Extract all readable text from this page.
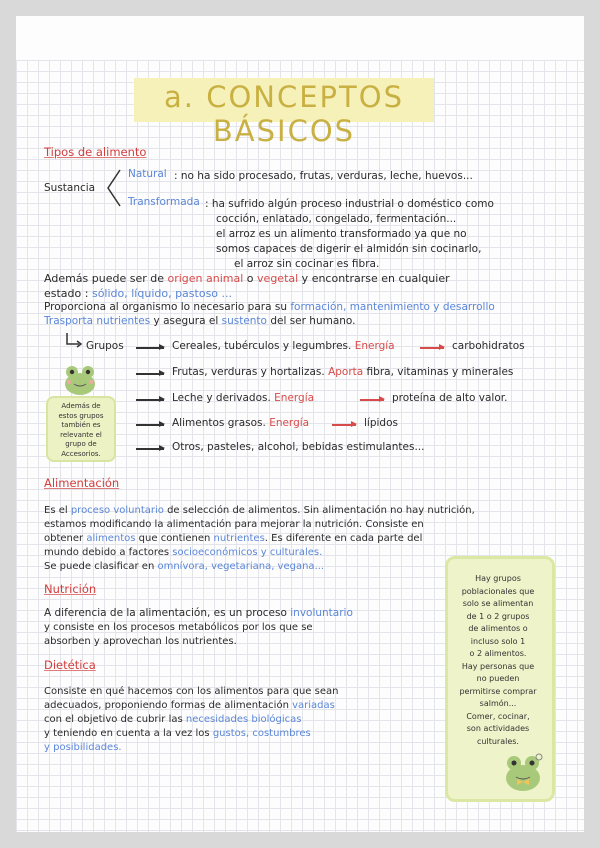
a. CONCEPTOS BÁSICOS
Tipos de alimento
Sustancia
Natural : no ha sido procesado, frutas, verduras, leche, huevos...
Transformada : ha sufrido algún proceso industrial o doméstico como
cocción, enlatado, congelado, fermentación...
el arroz es un alimento transformado ya que no
somos capaces de digerir el almidón sin cocinarlo,
el arroz sin cocinar es fibra.
Además puede ser de origen animal o vegetal y encontrarse en cualquier
estado : sólido, líquido, pastoso ...
Proporciona al organismo lo necesario para su formación, mantenimiento y desarrollo
Trasporta nutrientes y asegura el sustento del ser humano.
Grupos	Cereales, tubérculos y legumbres. Energía	carbohidratos
Frutas, verduras y hortalizas. Aporta fibra, vitaminas y minerales
Leche y derivados. Energía	proteína de alto valor.
Alimentos grasos. Energía	lípidos
Otros, pasteles, alcohol, bebidas estimulantes...
Además de
estos grupos
también es
relevante el
grupo de
Accesorios.
Alimentación
Es el proceso voluntario de selección de alimentos. Sin alimentación no hay nutrición,
estamos modificando la alimentación para mejorar la nutrición. Consiste en
obtener alimentos que contienen nutrientes. Es diferente en cada parte del
mundo debido a factores socioeconómicos y culturales.
Se puede clasificar en omnívora, vegetariana, vegana...
Nutrición
A diferencia de la alimentación, es un proceso involuntario
y consiste en los procesos metabólicos por los que se
absorben y aprovechan los nutrientes.
Dietética
Consiste en qué hacemos con los alimentos para que sean
adecuados, proponiendo formas de alimentación variadas
con el objetivo de cubrir las necesidades biológicas
y teniendo en cuenta a la vez los gustos, costumbres
y posibilidades.
Hay grupos
poblacionales que
solo se alimentan
de 1 o 2 grupos
de alimentos o
incluso solo 1
o 2 alimentos.
Hay personas que
no pueden
permitirse comprar
salmón...
Comer, cocinar,
son actividades
culturales.
